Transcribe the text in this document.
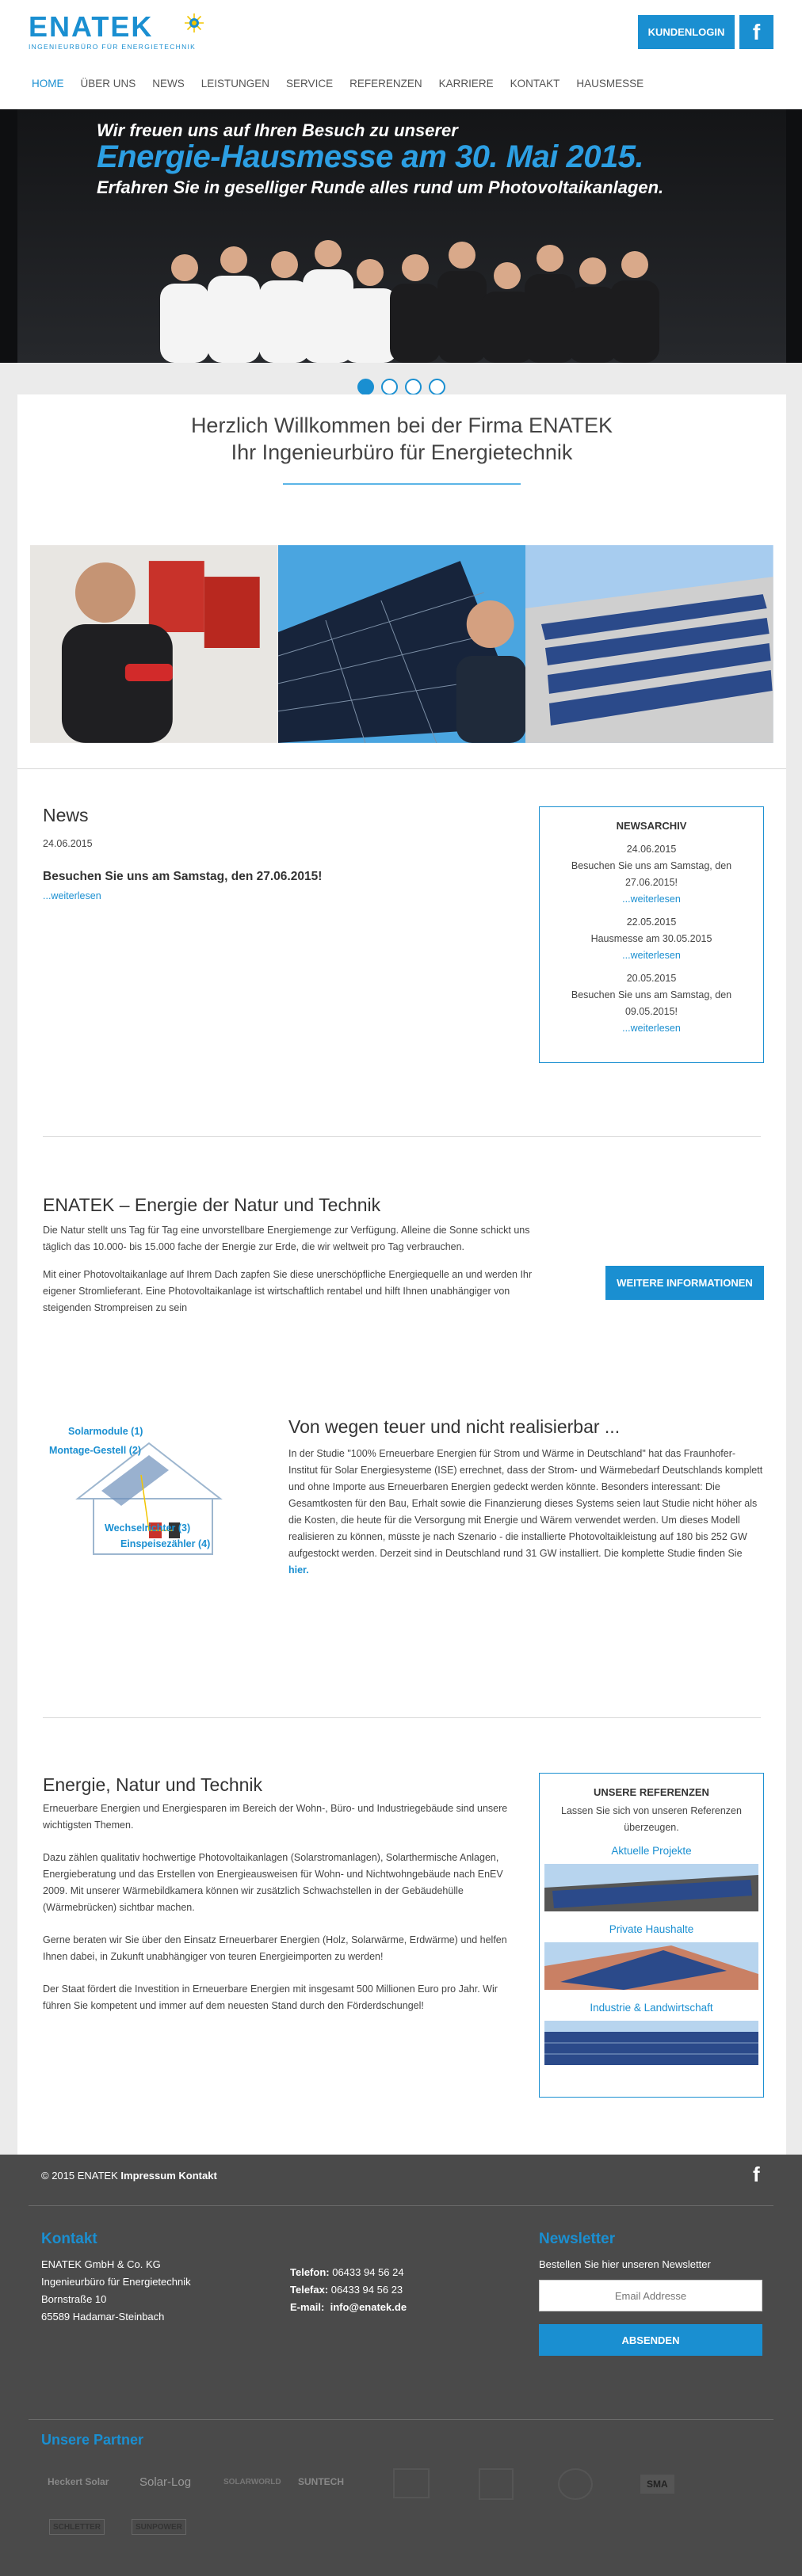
ENATEK
INGENIEURBÜRO FÜR ENERGIETECHNIK
KUNDENLOGIN	f
HOME ÜBER UNS NEWS LEISTUNGEN SERVICE REFERENZEN KARRIERE KONTAKT HAUSMESSE
Wir freuen uns auf Ihren Besuch zu unserer
Energie-Hausmesse am 30. Mai 2015.
Erfahren Sie in geselliger Runde alles rund um Photovoltaikanlagen.
Herzlich Willkommen bei der Firma ENATEK
Ihr Ingenieurbüro für Energietechnik
News
24.06.2015
Besuchen Sie uns am Samstag, den 27.06.2015!
...weiterlesen
NEWSARCHIV
24.06.2015
Besuchen Sie uns am Samstag, den 27.06.2015!
...weiterlesen
22.05.2015
Hausmesse am 30.05.2015
...weiterlesen
20.05.2015
Besuchen Sie uns am Samstag, den 09.05.2015!
...weiterlesen
ENATEK – Energie der Natur und Technik
Die Natur stellt uns Tag für Tag eine unvorstellbare Energiemenge zur Verfügung. Alleine die Sonne schickt uns täglich das 10.000- bis 15.000 fache der Energie zur Erde, die wir weltweit pro Tag verbrauchen.
Mit einer Photovoltaikanlage auf Ihrem Dach zapfen Sie diese unerschöpfliche Energiequelle an und werden Ihr eigener Stromlieferant. Eine Photovoltaikanlage ist wirtschaftlich rentabel und hilft Ihnen unabhängiger von steigenden Strompreisen zu sein
WEITERE INFORMATIONEN
Solarmodule (1)
Montage-Gestell (2)
Wechselrichter (3)
Einspeisezähler (4)
Von wegen teuer und nicht realisierbar ...
In der Studie "100% Erneuerbare Energien für Strom und Wärme in Deutschland" hat das Fraunhofer-Institut für Solar Energiesysteme (ISE) errechnet, dass der Strom- und Wärmebedarf Deutschlands komplett und ohne Importe aus Erneuerbaren Energien gedeckt werden könnte. Besonders interessant: Die Gesamtkosten für den Bau, Erhalt sowie die Finanzierung dieses Systems seien laut Studie nicht höher als die Kosten, die heute für die Versorgung mit Energie und Wärem verwendet werden. Um dieses Modell realisieren zu können, müsste je nach Szenario - die installierte Photovoltaikleistung auf 180 bis 252 GW aufgestockt werden. Derzeit sind in Deutschland rund 31 GW installiert. Die komplette Studie finden Sie hier.
Energie, Natur und Technik
Erneuerbare Energien und Energiesparen im Bereich der Wohn-, Büro- und Industriegebäude sind unsere wichtigsten Themen.
Dazu zählen qualitativ hochwertige Photovoltaikanlagen (Solarstromanlagen), Solarthermische Anlagen, Energieberatung und das Erstellen von Energieausweisen für Wohn- und Nichtwohngebäude nach EnEV 2009. Mit unserer Wärmebildkamera können wir zusätzlich Schwachstellen in der Gebäudehülle (Wärmebrücken) sichtbar machen.
Gerne beraten wir Sie über den Einsatz Erneuerbarer Energien (Holz, Solarwärme, Erdwärme) und helfen Ihnen dabei, in Zukunft unabhängiger von teuren Energieimporten zu werden!
Der Staat fördert die Investition in Erneuerbare Energien mit insgesamt 500 Millionen Euro pro Jahr. Wir führen Sie kompetent und immer auf dem neuesten Stand durch den Förderdschungel!
UNSERE REFERENZEN
Lassen Sie sich von unseren Referenzen überzeugen.
Aktuelle Projekte
Private Haushalte
Industrie & Landwirtschaft
© 2015 ENATEK Impressum Kontakt	f
Kontakt
ENATEK GmbH & Co. KG
Ingenieurbüro für Energietechnik
Bornstraße 10
65589 Hadamar-Steinbach
Telefon: 06433 94 56 24
Telefax: 06433 94 56 23
E-mail: info@enatek.de
Newsletter
Bestellen Sie hier unseren Newsletter
Email Addresse
ABSENDEN
Unsere Partner
Heckert Solar	Solar-Log	SOLARWORLD SUNTECH	SMA
SCHLETTER	SUNPOWER
